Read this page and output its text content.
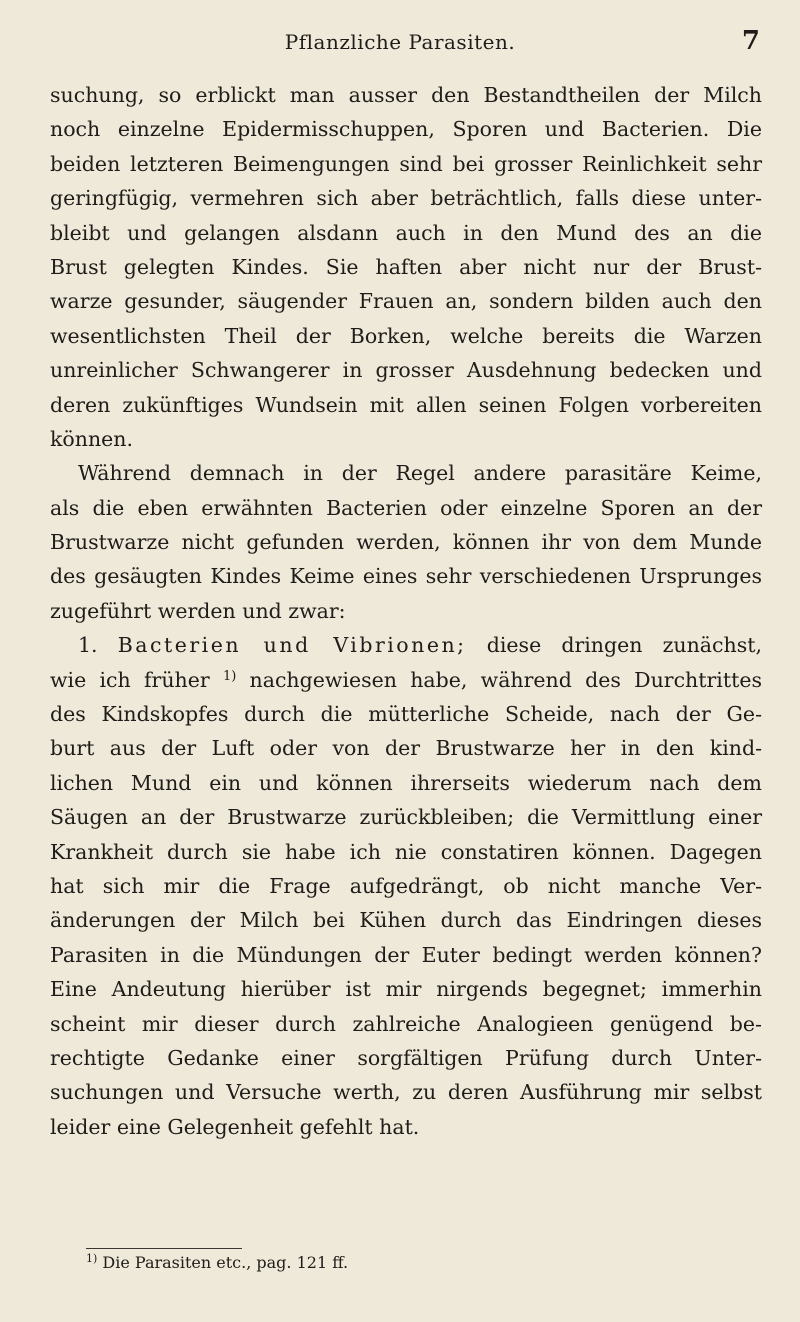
Pflanzliche Parasiten.	7
suchung, so erblickt man ausser den Bestandtheilen der Milch
noch einzelne Epidermisschuppen, Sporen und Bacterien. Die
beiden letzteren Beimengungen sind bei grosser Reinlichkeit sehr
geringfügig, vermehren sich aber beträchtlich, falls diese unter-
bleibt und gelangen alsdann auch in den Mund des an die
Brust gelegten Kindes. Sie haften aber nicht nur der Brust-
warze gesunder, säugender Frauen an, sondern bilden auch den
wesentlichsten Theil der Borken, welche bereits die Warzen
unreinlicher Schwangerer in grosser Ausdehnung bedecken und
deren zukünftiges Wundsein mit allen seinen Folgen vorbereiten
können.
Während demnach in der Regel andere parasitäre Keime,
als die eben erwähnten Bacterien oder einzelne Sporen an der
Brustwarze nicht gefunden werden, können ihr von dem Munde
des gesäugten Kindes Keime eines sehr verschiedenen Ursprunges
zugeführt werden und zwar:
1. Bacterien und Vibrionen; diese dringen zunächst,
wie ich früher $^{1)}$ nachgewiesen habe, während des Durchtrittes
des Kindskopfes durch die mütterliche Scheide, nach der Ge-
burt aus der Luft oder von der Brustwarze her in den kind-
lichen Mund ein und können ihrerseits wiederum nach dem
Säugen an der Brustwarze zurückbleiben; die Vermittlung einer
Krankheit durch sie habe ich nie constatiren können. Dagegen
hat sich mir die Frage aufgedrängt, ob nicht manche Ver-
änderungen der Milch bei Kühen durch das Eindringen dieses
Parasiten in die Mündungen der Euter bedingt werden können?
Eine Andeutung hierüber ist mir nirgends begegnet; immerhin
scheint mir dieser durch zahlreiche Analogieen genügend be-
rechtigte Gedanke einer sorgfältigen Prüfung durch Unter-
suchungen und Versuche werth, zu deren Ausführung mir selbst
leider eine Gelegenheit gefehlt hat.
$^{1)}$ Die Parasiten etc., pag. 121 ff.
